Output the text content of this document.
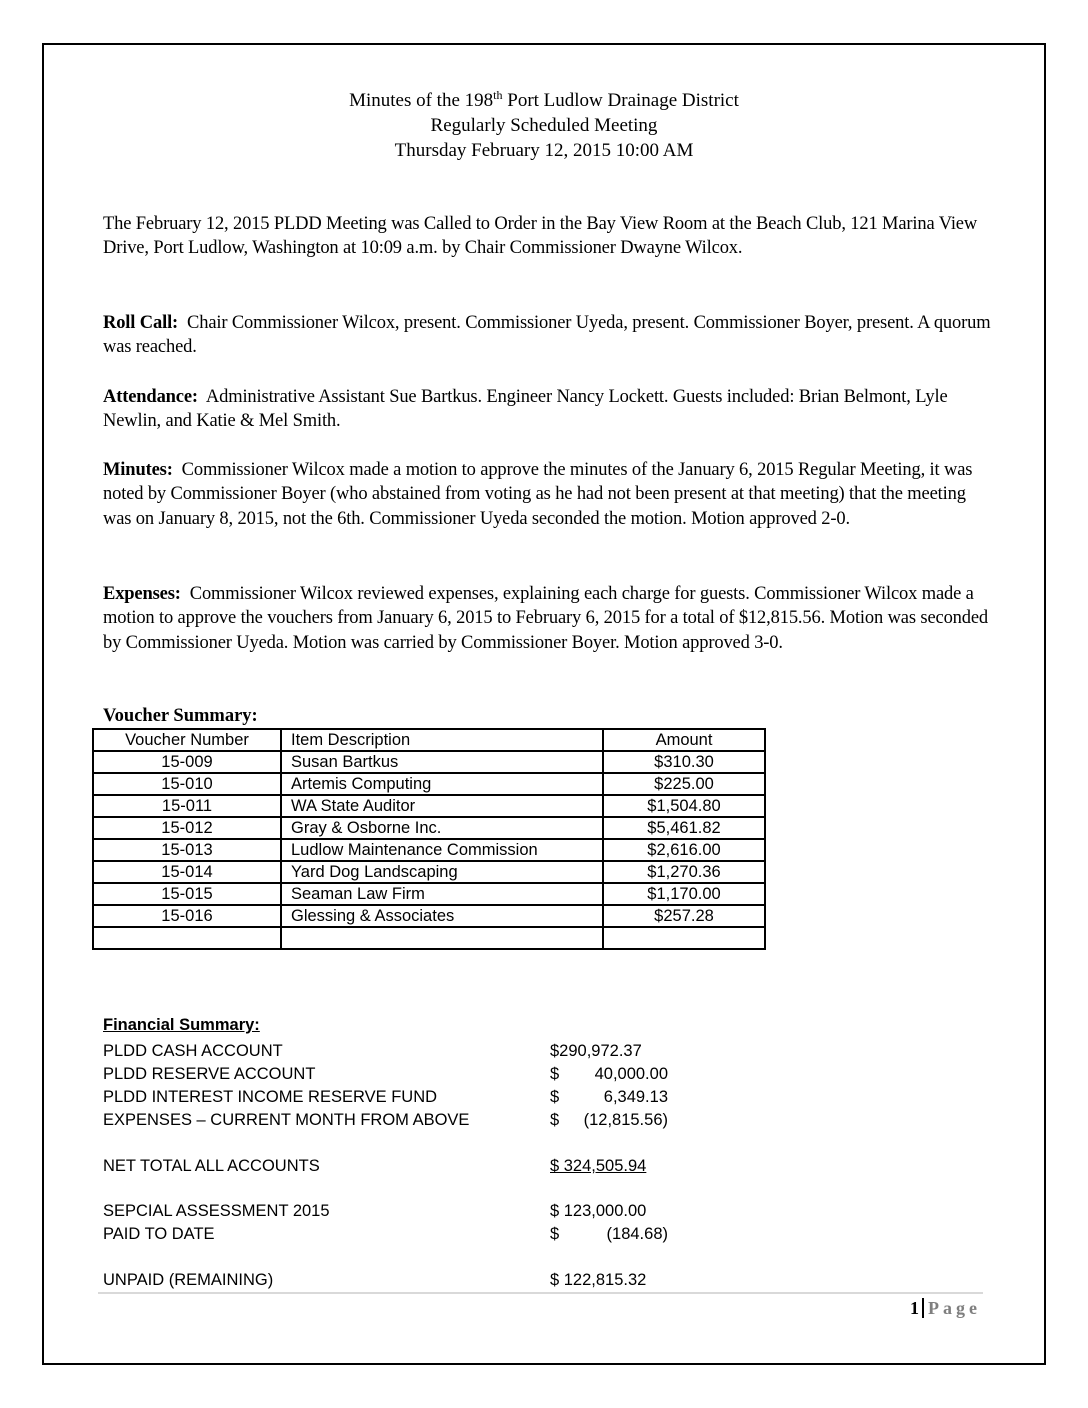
Minutes of the 198th Port Ludlow Drainage District
Regularly Scheduled Meeting
Thursday February 12, 2015 10:00 AM
The February 12, 2015 PLDD Meeting was Called to Order in the Bay View Room at the Beach Club, 121 Marina View Drive, Port Ludlow, Washington at 10:09 a.m. by Chair Commissioner Dwayne Wilcox.
Roll Call: Chair Commissioner Wilcox, present. Commissioner Uyeda, present. Commissioner Boyer, present. A quorum was reached.
Attendance: Administrative Assistant Sue Bartkus. Engineer Nancy Lockett. Guests included: Brian Belmont, Lyle Newlin, and Katie & Mel Smith.
Minutes: Commissioner Wilcox made a motion to approve the minutes of the January 6, 2015 Regular Meeting, it was noted by Commissioner Boyer (who abstained from voting as he had not been present at that meeting) that the meeting was on January 8, 2015, not the 6th. Commissioner Uyeda seconded the motion. Motion approved 2-0.
Expenses: Commissioner Wilcox reviewed expenses, explaining each charge for guests. Commissioner Wilcox made a motion to approve the vouchers from January 6, 2015 to February 6, 2015 for a total of $12,815.56. Motion was seconded by Commissioner Uyeda. Motion was carried by Commissioner Boyer. Motion approved 3-0.
Voucher Summary:
Voucher Number	Item Description	Amount
15-009	Susan Bartkus	$310.30
15-010	Artemis Computing	$225.00
15-011	WA State Auditor	$1,504.80
15-012	Gray & Osborne Inc.	$5,461.82
15-013	Ludlow Maintenance Commission	$2,616.00
15-014	Yard Dog Landscaping	$1,270.36
15-015	Seaman Law Firm	$1,170.00
15-016	Glessing & Associates	$257.28

Financial Summary:
PLDD CASH ACCOUNT	$290,972.37
PLDD RESERVE ACCOUNT	$	40,000.00
PLDD INTEREST INCOME RESERVE FUND	$	6,349.13
EXPENSES – CURRENT MONTH FROM ABOVE	$	(12,815.56)
NET TOTAL ALL ACCOUNTS	$ 324,505.94
SEPCIAL ASSESSMENT 2015	$ 123,000.00
PAID TO DATE	$	(184.68)
UNPAID (REMAINING)	$ 122,815.32
1 Page
